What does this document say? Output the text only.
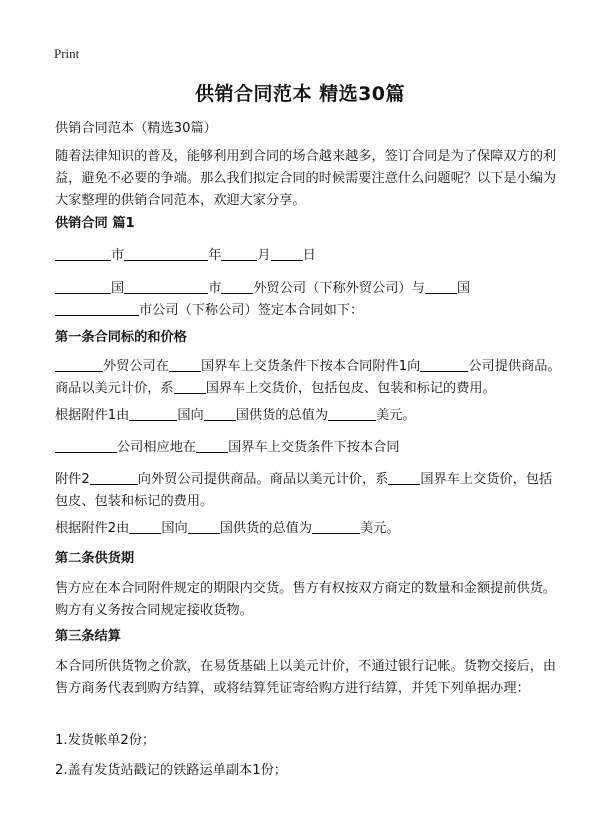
Print
供销合同范本 精选30篇

供销合同范本（精选30篇）

随着法律知识的普及，能够利用到合同的场合越来越多，签订合同是为了保障双方的利益，避免不必要的争端。那么我们拟定合同的时候需要注意什么问题呢？以下是小编为大家整理的供销合同范本，欢迎大家分享。

供销合同 篇1

市	年	月 日

国	市 外贸公司（下称外贸公司）与 国
市公司（下称公司）签定本合同如下：

第一条合同标的和价格

外贸公司在 国界车上交货条件下按本合同附件1向	公司提供商品。商品以美元计价，系 国界车上交货价，包括包皮、包装和标记的费用。

根据附件1由	国向 国供货的总值为	美元。

公司相应地在 国界车上交货条件下按本合同

附件2	向外贸公司提供商品。商品以美元计价，系 国界车上交货价，包括包皮、包装和标记的费用。

根据附件2由 国向 国供货的总值为	美元。

第二条供货期

售方应在本合同附件规定的期限内交货。售方有权按双方商定的数量和金额提前供货。购方有义务按合同规定接收货物。

第三条结算

本合同所供货物之价款，在易货基础上以美元计价，不通过银行记帐。货物交接后，由售方商务代表到购方结算，或将结算凭证寄给购方进行结算，并凭下列单据办理：

1.发货帐单2份；

2.盖有发货站戳记的铁路运单副本1份；
